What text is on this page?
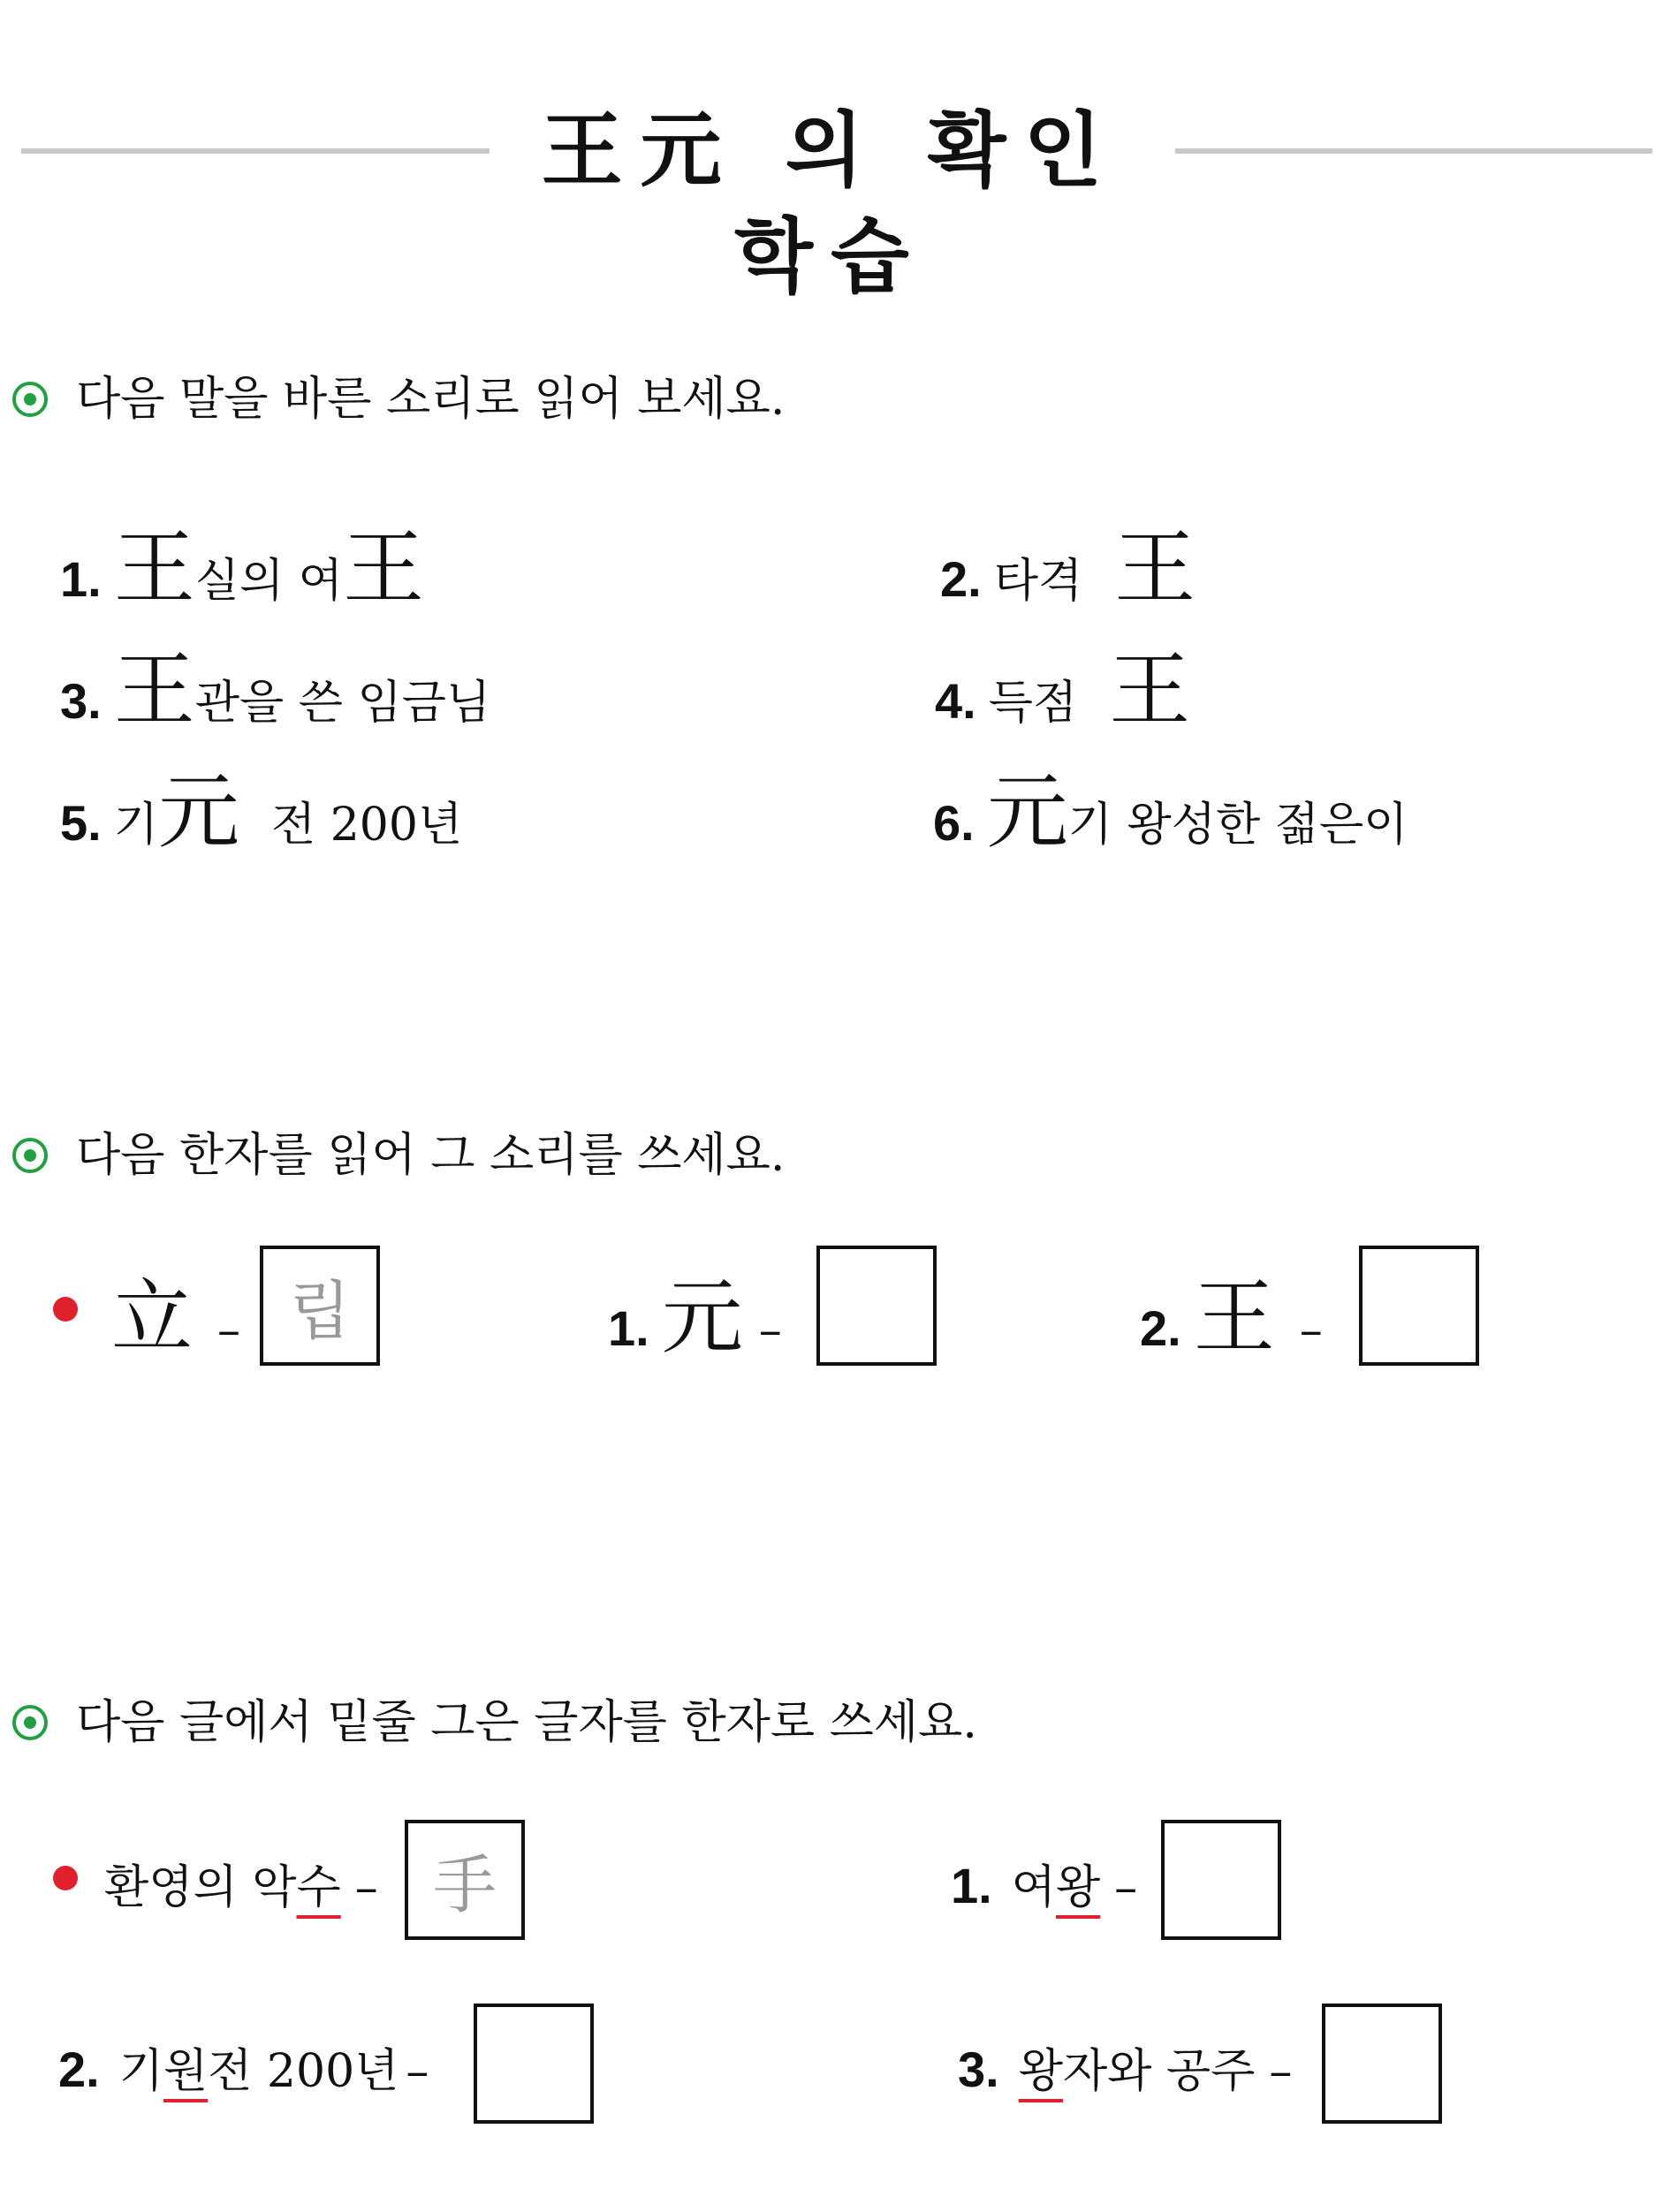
王元 의 확인 학습
다음 말을 바른 소리로 읽어 보세요.
1. 王 실의 여 王	2. 타격 王
3. 王 관을 쓴 임금님	4. 득점 王
5. 기 元 전 200년	6. 元 기 왕성한 젊은이
다음 한자를 읽어 그 소리를 쓰세요.
立 – 립	1. 元 –	2. 王 –
다음 글에서 밑줄 그은 글자를 한자로 쓰세요.
환영의 악 수 – 手	1. 여 왕 –
2. 기 원 전 200년 –	3. 왕 자와 공주 –
